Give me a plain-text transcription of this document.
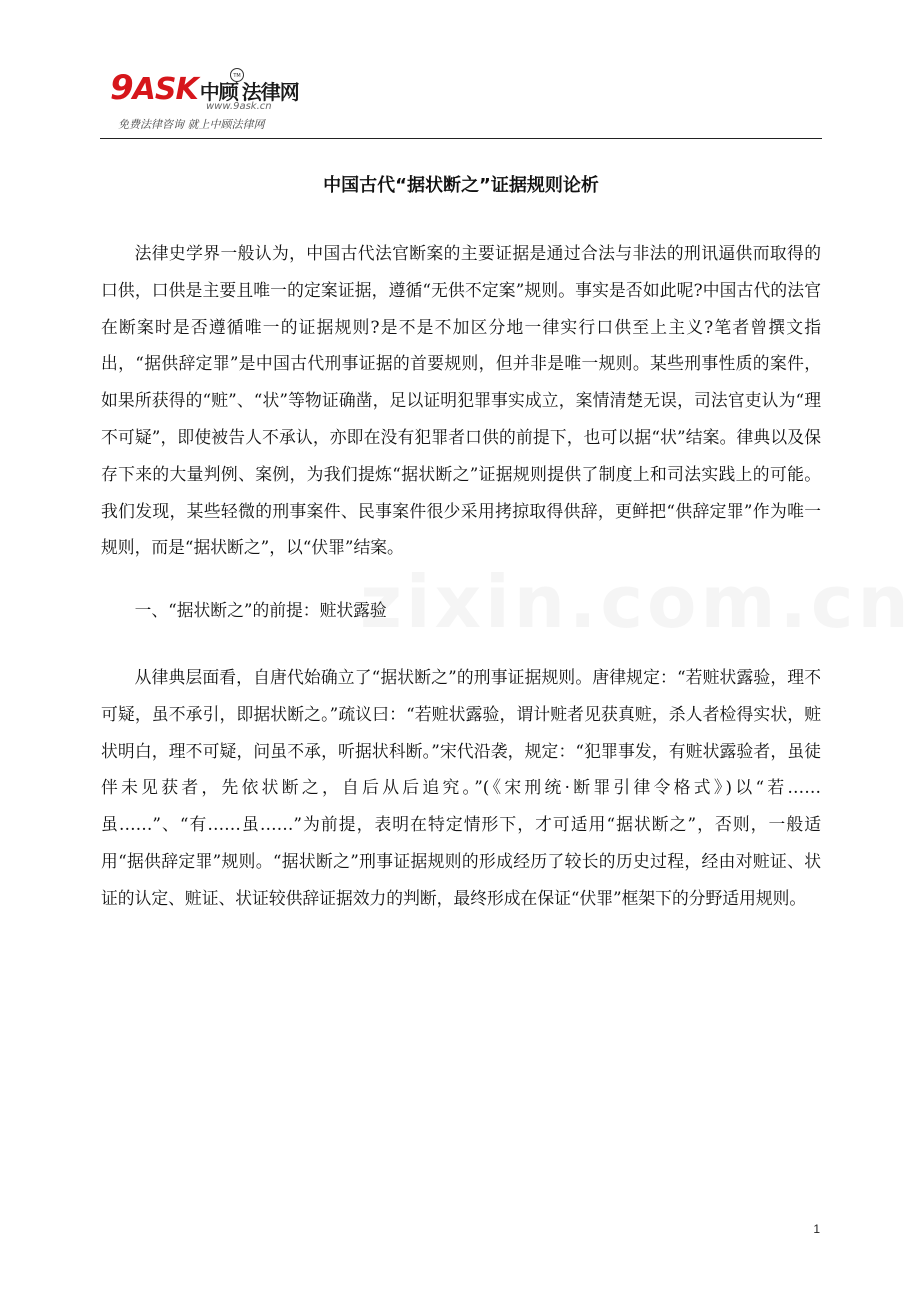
9ASK 中顾 法律网
TM
www.9ask.cn
免费法律咨询 就上中顾法律网
中国古代“据状断之”证据规则论析
zixin.com.cn

法律史学界一般认为，中国古代法官断案的主要证据是通过合法与非法的刑讯逼供而取得的口供，口供是主要且唯一的定案证据，遵循“无供不定案”规则。事实是否如此呢?中国古代的法官在断案时是否遵循唯一的证据规则?是不是不加区分地一律实行口供至上主义?笔者曾撰文指出，“据供辞定罪”是中国古代刑事证据的首要规则，但并非是唯一规则。某些刑事性质的案件，如果所获得的“赃”、“状”等物证确凿，足以证明犯罪事实成立，案情清楚无误，司法官吏认为“理不可疑”，即使被告人不承认，亦即在没有犯罪者口供的前提下，也可以据“状”结案。律典以及保存下来的大量判例、案例，为我们提炼“据状断之”证据规则提供了制度上和司法实践上的可能。我们发现，某些轻微的刑事案件、民事案件很少采用拷掠取得供辞，更鲜把“供辞定罪”作为唯一规则，而是“据状断之”，以“伏罪”结案。

一、“据状断之”的前提：赃状露验

从律典层面看，自唐代始确立了“据状断之”的刑事证据规则。唐律规定：“若赃状露验，理不可疑，虽不承引，即据状断之。”疏议曰：“若赃状露验，谓计赃者见获真赃，杀人者检得实状，赃状明白，理不可疑，问虽不承，听据状科断。”宋代沿袭，规定：“犯罪事发，有赃状露验者，虽徒伴未见获者，先依状断之，自后从后追究。”(《宋刑统·断罪引律令格式》)以“若……虽……”、“有……虽……”为前提，表明在特定情形下，才可适用“据状断之”，否则，一般适用“据供辞定罪”规则。“据状断之”刑事证据规则的形成经历了较长的历史过程，经由对赃证、状证的认定、赃证、状证较供辞证据效力的判断，最终形成在保证“伏罪”框架下的分野适用规则。

1
